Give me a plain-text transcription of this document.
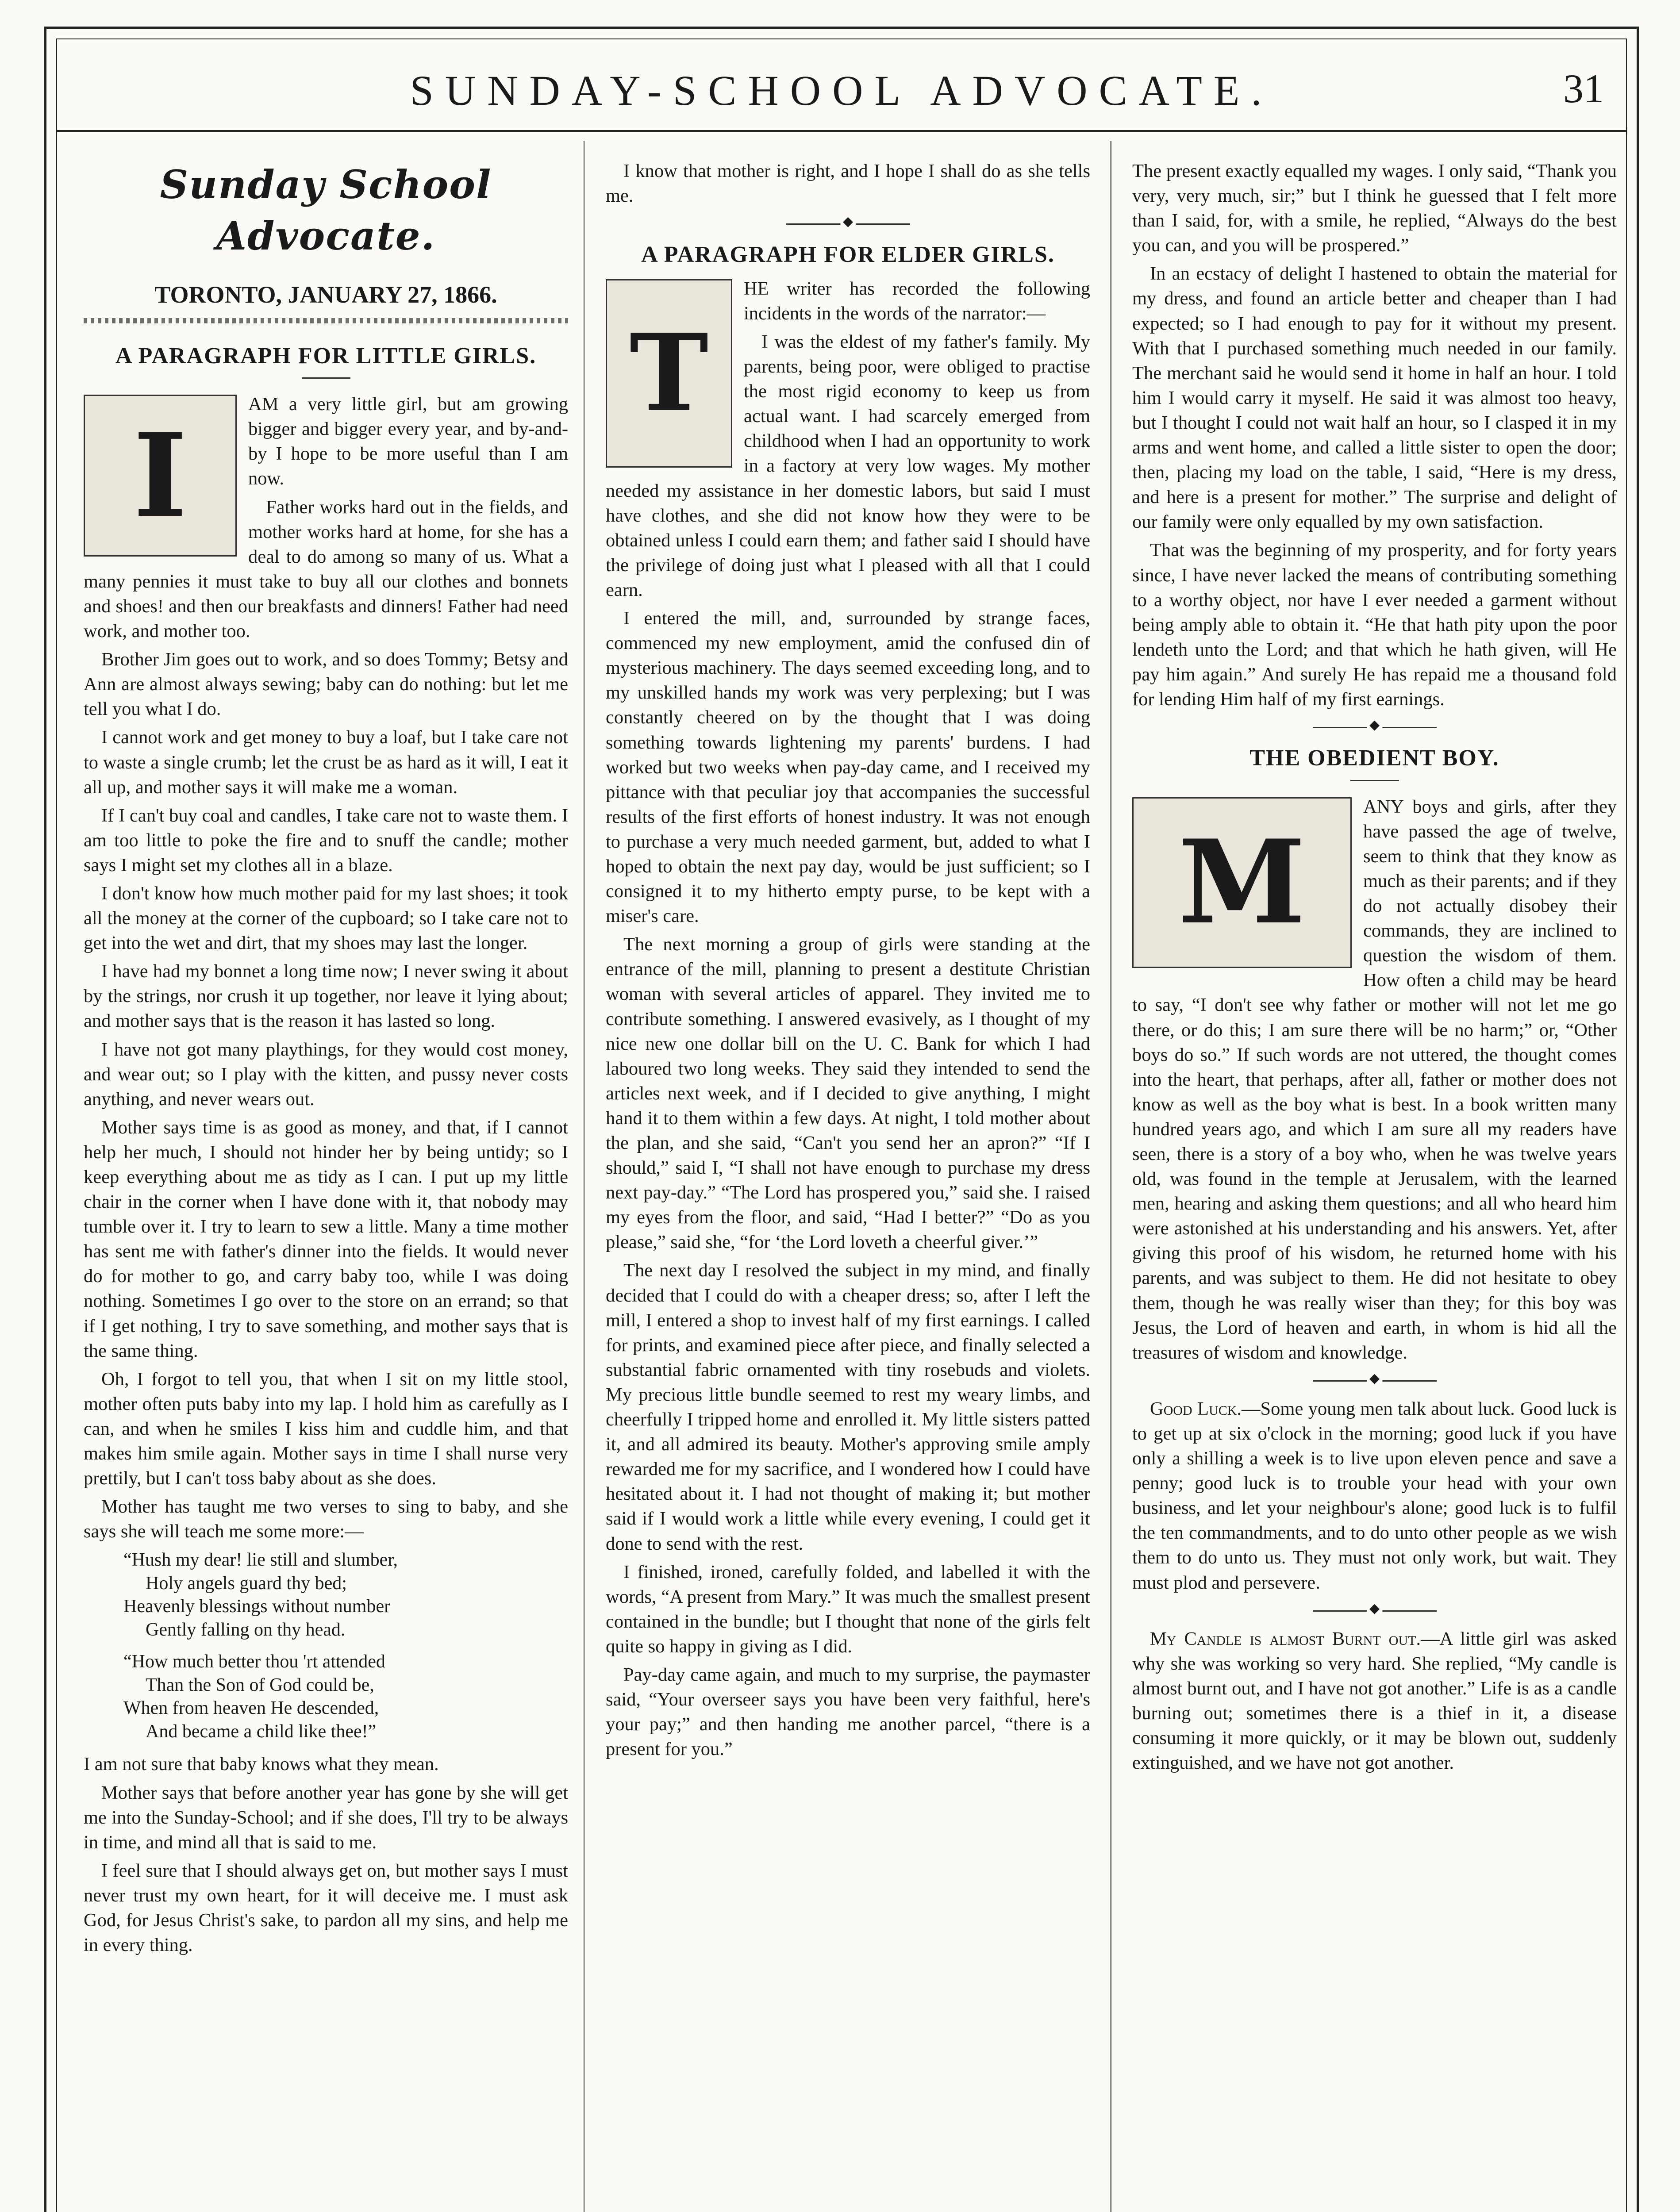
SUNDAY-SCHOOL ADVOCATE.	31
Sunday School Advocate.
TORONTO, JANUARY 27, 1866.
A PARAGRAPH FOR LITTLE GIRLS.
I

AM a very little girl, but am growing bigger and bigger every year, and by-and-by I hope to be more useful than I am now.

Father works hard out in the fields, and mother works hard at home, for she has a deal to do among so many of us. What a many pennies it must take to buy all our clothes and bonnets and shoes! and then our breakfasts and dinners! Father had need work, and mother too.

Brother Jim goes out to work, and so does Tommy; Betsy and Ann are almost always sewing; baby can do nothing: but let me tell you what I do.

I cannot work and get money to buy a loaf, but I take care not to waste a single crumb; let the crust be as hard as it will, I eat it all up, and mother says it will make me a woman.

If I can't buy coal and candles, I take care not to waste them. I am too little to poke the fire and to snuff the candle; mother says I might set my clothes all in a blaze.

I don't know how much mother paid for my last shoes; it took all the money at the corner of the cupboard; so I take care not to get into the wet and dirt, that my shoes may last the longer.

I have had my bonnet a long time now; I never swing it about by the strings, nor crush it up together, nor leave it lying about; and mother says that is the reason it has lasted so long.

I have not got many playthings, for they would cost money, and wear out; so I play with the kitten, and pussy never costs anything, and never wears out.

Mother says time is as good as money, and that, if I cannot help her much, I should not hinder her by being untidy; so I keep everything about me as tidy as I can. I put up my little chair in the corner when I have done with it, that nobody may tumble over it. I try to learn to sew a little. Many a time mother has sent me with father's dinner into the fields. It would never do for mother to go, and carry baby too, while I was doing nothing. Sometimes I go over to the store on an errand; so that if I get nothing, I try to save something, and mother says that is the same thing.

Oh, I forgot to tell you, that when I sit on my little stool, mother often puts baby into my lap. I hold him as carefully as I can, and when he smiles I kiss him and cuddle him, and that makes him smile again. Mother says in time I shall nurse very prettily, but I can't toss baby about as she does.

Mother has taught me two verses to sing to baby, and she says she will teach me some more:—

“Hush my dear! lie still and slumber,
Holy angels guard thy bed;
Heavenly blessings without number
Gently falling on thy head.

“How much better thou 'rt attended
Than the Son of God could be,
When from heaven He descended,
And became a child like thee!”

I am not sure that baby knows what they mean.

Mother says that before another year has gone by she will get me into the Sunday-School; and if she does, I'll try to be always in time, and mind all that is said to me.

I feel sure that I should always get on, but mother says I must never trust my own heart, for it will deceive me. I must ask God, for Jesus Christ's sake, to pardon all my sins, and help me in every thing.

I know that mother is right, and I hope I shall do as she tells me.

◆
A PARAGRAPH FOR ELDER GIRLS.
T

HE writer has recorded the following incidents in the words of the narrator:—

I was the eldest of my father's family. My parents, being poor, were obliged to practise the most rigid economy to keep us from actual want. I had scarcely emerged from childhood when I had an opportunity to work in a factory at very low wages. My mother needed my assistance in her domestic labors, but said I must have clothes, and she did not know how they were to be obtained unless I could earn them; and father said I should have the privilege of doing just what I pleased with all that I could earn.

I entered the mill, and, surrounded by strange faces, commenced my new employment, amid the confused din of mysterious machinery. The days seemed exceeding long, and to my unskilled hands my work was very perplexing; but I was constantly cheered on by the thought that I was doing something towards lightening my parents' burdens. I had worked but two weeks when pay-day came, and I received my pittance with that peculiar joy that accompanies the successful results of the first efforts of honest industry. It was not enough to purchase a very much needed garment, but, added to what I hoped to obtain the next pay day, would be just sufficient; so I consigned it to my hitherto empty purse, to be kept with a miser's care.

The next morning a group of girls were standing at the entrance of the mill, planning to present a destitute Christian woman with several articles of apparel. They invited me to contribute something. I answered evasively, as I thought of my nice new one dollar bill on the U. C. Bank for which I had laboured two long weeks. They said they intended to send the articles next week, and if I decided to give anything, I might hand it to them within a few days. At night, I told mother about the plan, and she said, “Can't you send her an apron?” “If I should,” said I, “I shall not have enough to purchase my dress next pay-day.” “The Lord has prospered you,” said she. I raised my eyes from the floor, and said, “Had I better?” “Do as you please,” said she, “for ‘the Lord loveth a cheerful giver.’”

The next day I resolved the subject in my mind, and finally decided that I could do with a cheaper dress; so, after I left the mill, I entered a shop to invest half of my first earnings. I called for prints, and examined piece after piece, and finally selected a substantial fabric ornamented with tiny rosebuds and violets. My precious little bundle seemed to rest my weary limbs, and cheerfully I tripped home and enrolled it. My little sisters patted it, and all admired its beauty. Mother's approving smile amply rewarded me for my sacrifice, and I wondered how I could have hesitated about it. I had not thought of making it; but mother said if I would work a little while every evening, I could get it done to send with the rest.

I finished, ironed, carefully folded, and labelled it with the words, “A present from Mary.” It was much the smallest present contained in the bundle; but I thought that none of the girls felt quite so happy in giving as I did.

Pay-day came again, and much to my surprise, the paymaster said, “Your overseer says you have been very faithful, here's your pay;” and then handing me another parcel, “there is a present for you.”

The present exactly equalled my wages. I only said, “Thank you very, very much, sir;” but I think he guessed that I felt more than I said, for, with a smile, he replied, “Always do the best you can, and you will be prospered.”

In an ecstacy of delight I hastened to obtain the material for my dress, and found an article better and cheaper than I had expected; so I had enough to pay for it without my present. With that I purchased something much needed in our family. The merchant said he would send it home in half an hour. I told him I would carry it myself. He said it was almost too heavy, but I thought I could not wait half an hour, so I clasped it in my arms and went home, and called a little sister to open the door; then, placing my load on the table, I said, “Here is my dress, and here is a present for mother.” The surprise and delight of our family were only equalled by my own satisfaction.

That was the beginning of my prosperity, and for forty years since, I have never lacked the means of contributing something to a worthy object, nor have I ever needed a garment without being amply able to obtain it. “He that hath pity upon the poor lendeth unto the Lord; and that which he hath given, will He pay him again.” And surely He has repaid me a thousand fold for lending Him half of my first earnings.

◆
THE OBEDIENT BOY.
M

ANY boys and girls, after they have passed the age of twelve, seem to think that they know as much as their parents; and if they do not actually disobey their commands, they are inclined to question the wisdom of them. How often a child may be heard to say, “I don't see why father or mother will not let me go there, or do this; I am sure there will be no harm;” or, “Other boys do so.” If such words are not uttered, the thought comes into the heart, that perhaps, after all, father or mother does not know as well as the boy what is best. In a book written many hundred years ago, and which I am sure all my readers have seen, there is a story of a boy who, when he was twelve years old, was found in the temple at Jerusalem, with the learned men, hearing and asking them questions; and all who heard him were astonished at his understanding and his answers. Yet, after giving this proof of his wisdom, he returned home with his parents, and was subject to them. He did not hesitate to obey them, though he was really wiser than they; for this boy was Jesus, the Lord of heaven and earth, in whom is hid all the treasures of wisdom and knowledge.

◆

Good Luck.—Some young men talk about luck. Good luck is to get up at six o'clock in the morning; good luck if you have only a shilling a week is to live upon eleven pence and save a penny; good luck is to trouble your head with your own business, and let your neighbour's alone; good luck is to fulfil the ten commandments, and to do unto other people as we wish them to do unto us. They must not only work, but wait. They must plod and persevere.

◆

My Candle is almost Burnt out.—A little girl was asked why she was working so very hard. She replied, “My candle is almost burnt out, and I have not got another.” Life is as a candle burning out; sometimes there is a thief in it, a disease consuming it more quickly, or it may be blown out, suddenly extinguished, and we have not got another.
